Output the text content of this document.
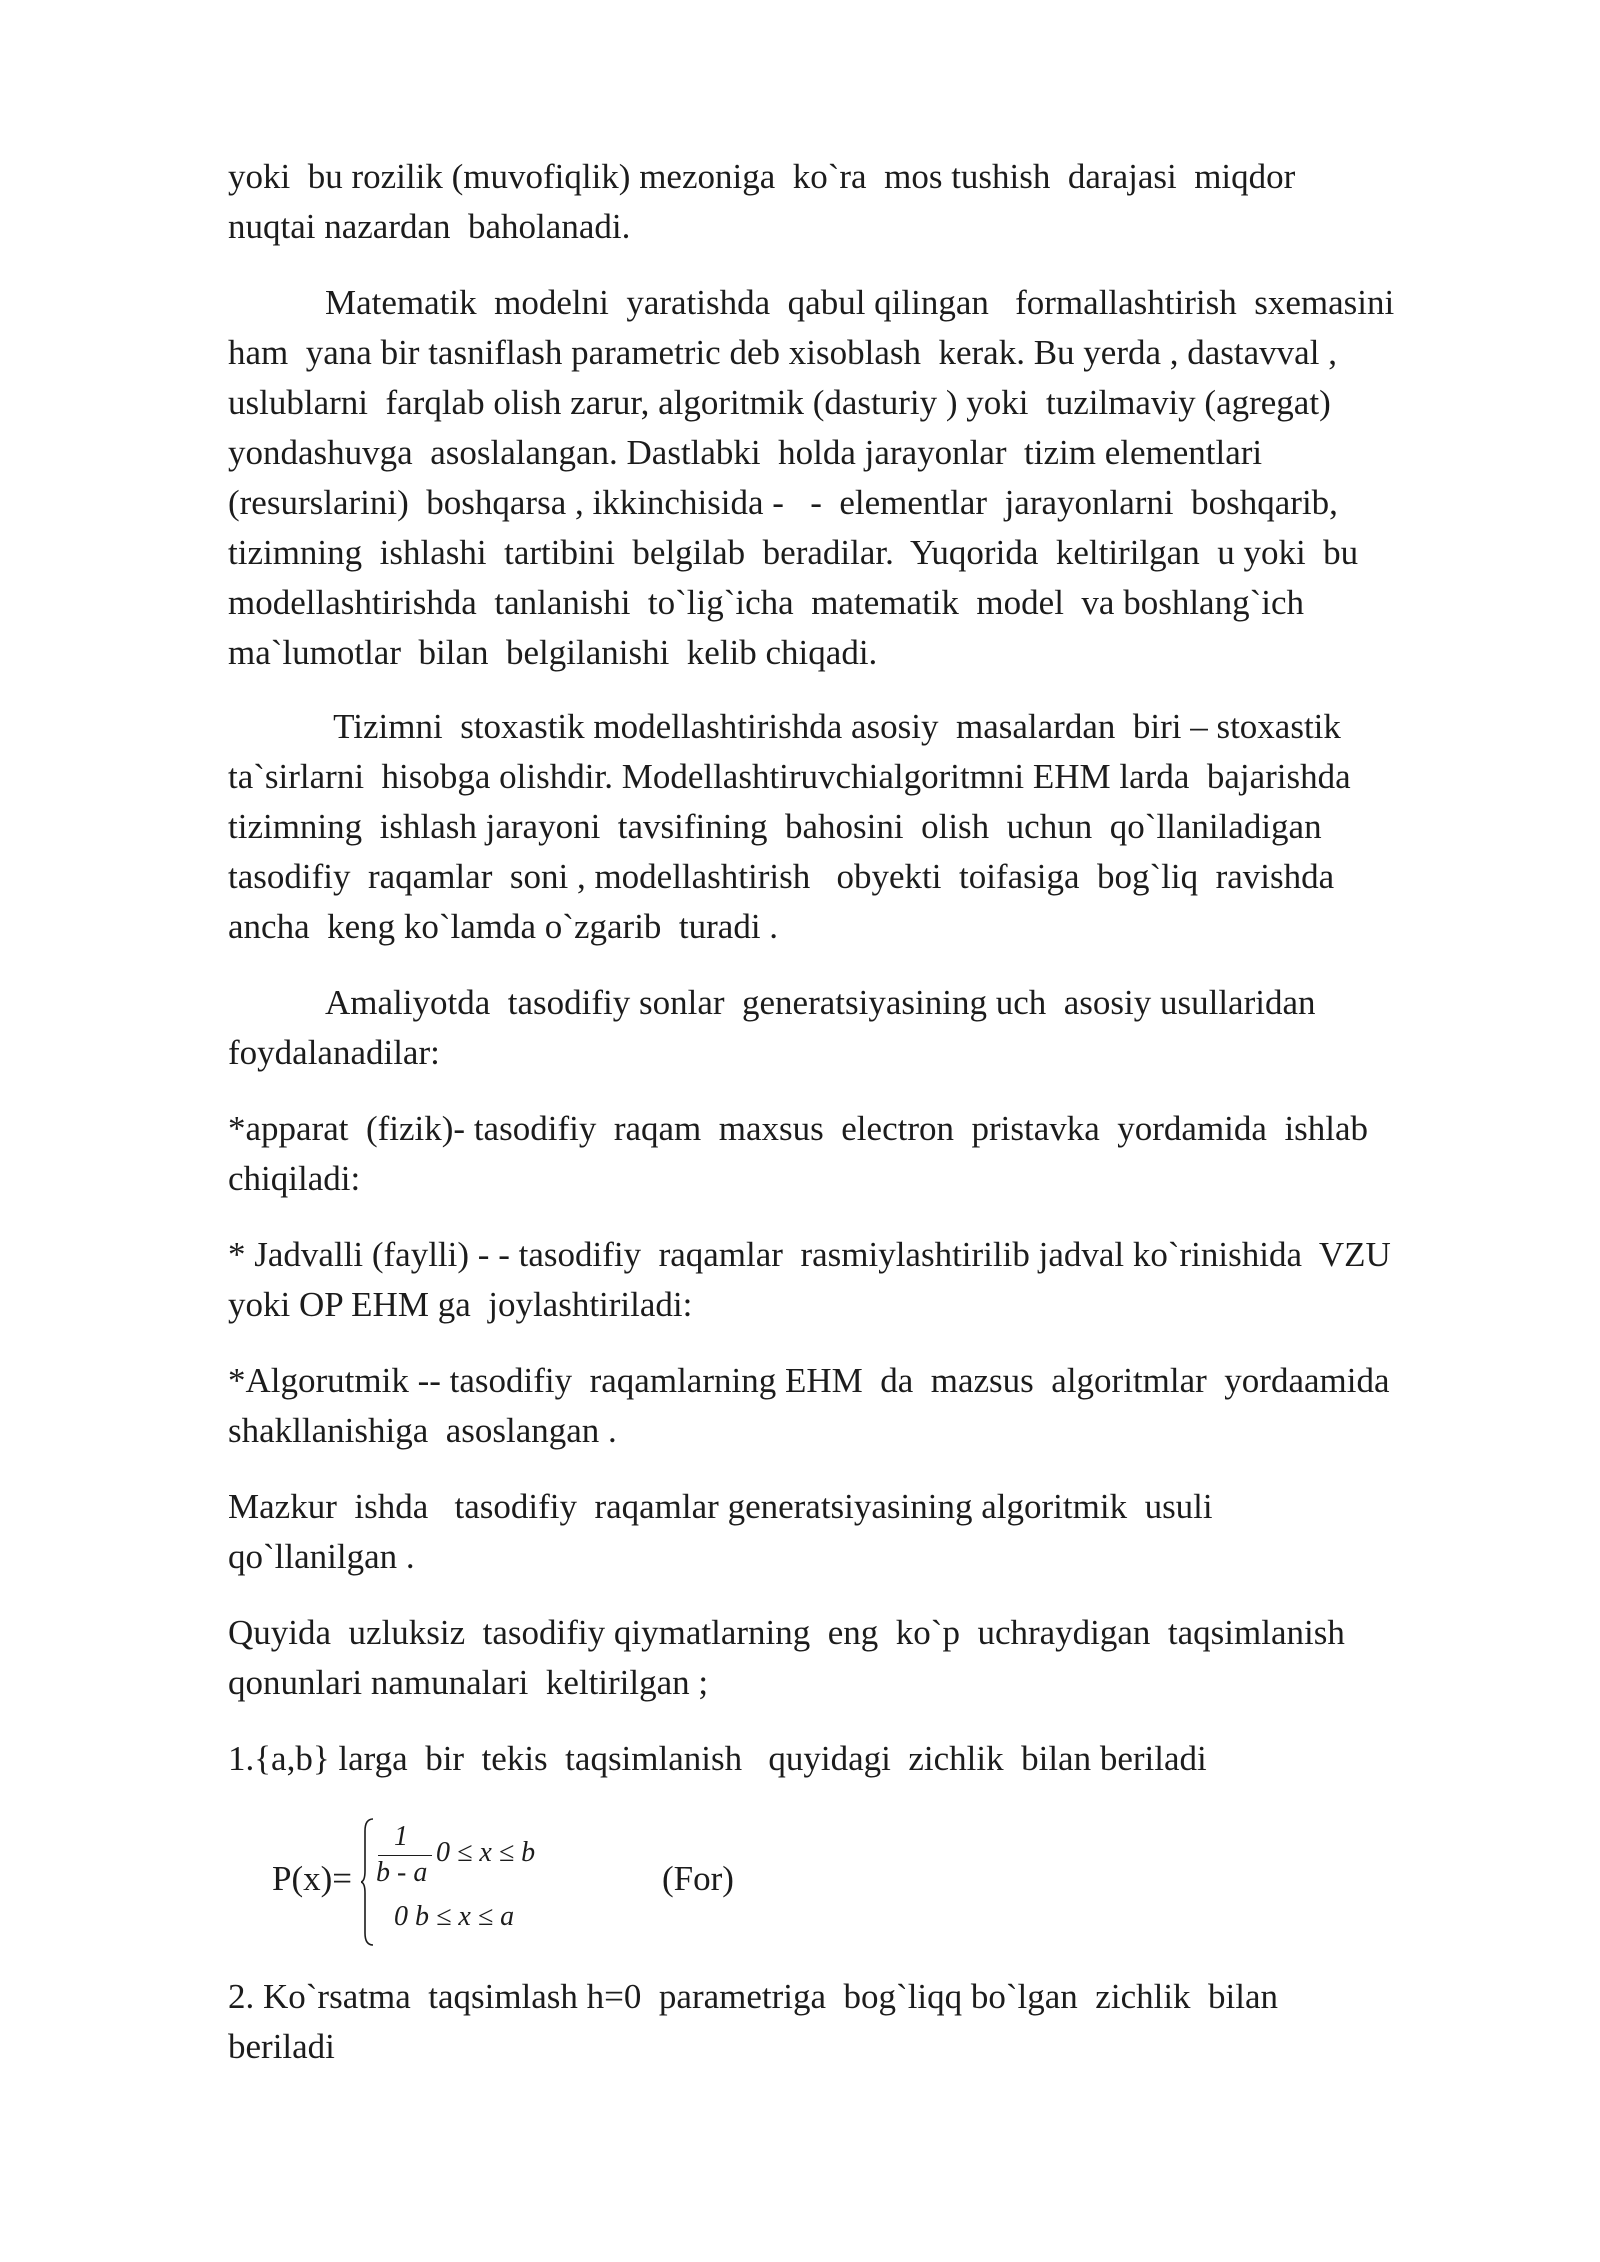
yoki  bu rozilik (muvofiqlik) mezoniga  ko`ra  mos tushish  darajasi  miqdor
nuqtai nazardan  baholanadi.

Matematik  modelni  yaratishda  qabul qilingan   formallashtirish  sxemasini
ham  yana bir tasniflash parametric deb xisoblash  kerak. Bu yerda , dastavval ,
uslublarni  farqlab olish zarur, algoritmik (dasturiy ) yoki  tuzilmaviy (agregat)
yondashuvga  asoslalangan. Dastlabki  holda jarayonlar  tizim elementlari
(resurslarini)  boshqarsa , ikkinchisida -   -  elementlar  jarayonlarni  boshqarib,
tizimning  ishlashi  tartibini  belgilab  beradilar.  Yuqorida  keltirilgan  u yoki  bu
modellashtirishda  tanlanishi  to`lig`icha  matematik  model  va boshlang`ich
ma`lumotlar  bilan  belgilanishi  kelib chiqadi.

Tizimni  stoxastik modellashtirishda asosiy  masalardan  biri – stoxastik
ta`sirlarni  hisobga olishdir. Modellashtiruvchialgoritmni EHM larda  bajarishda
tizimning  ishlash jarayoni  tavsifining  bahosini  olish  uchun  qo`llaniladigan
tasodifiy  raqamlar  soni , modellashtirish   obyekti  toifasiga  bog`liq  ravishda
ancha  keng ko`lamda o`zgarib  turadi .

Amaliyotda  tasodifiy sonlar  generatsiyasining uch  asosiy usullaridan
foydalanadilar:

*apparat  (fizik)- tasodifiy  raqam  maxsus  electron  pristavka  yordamida  ishlab
chiqiladi:

* Jadvalli (faylli) - - tasodifiy  raqamlar  rasmiylashtirilib jadval ko`rinishida  VZU
yoki OP EHM ga  joylashtiriladi:

*Algorutmik -- tasodifiy  raqamlarning EHM  da  mazsus  algoritmlar  yordaamida
shakllanishiga  asoslangan .

Mazkur  ishda   tasodifiy  raqamlar generatsiyasining algoritmik  usuli
qo`llanilgan .

Quyida  uzluksiz  tasodifiy qiymatlarning  eng  ko`p  uchraydigan  taqsimlanish
qonunlari namunalari  keltirilgan ;

1.{a,b} larga  bir  tekis  taqsimlanish   quyidagi  zichlik  bilan beriladi

P(x)=
1
b - a
0 ≤ x ≤ b
0 b ≤ x ≤ a
(For)

2. Ko`rsatma  taqsimlash h=0  parametriga  bog`liqq bo`lgan  zichlik  bilan
beriladi
